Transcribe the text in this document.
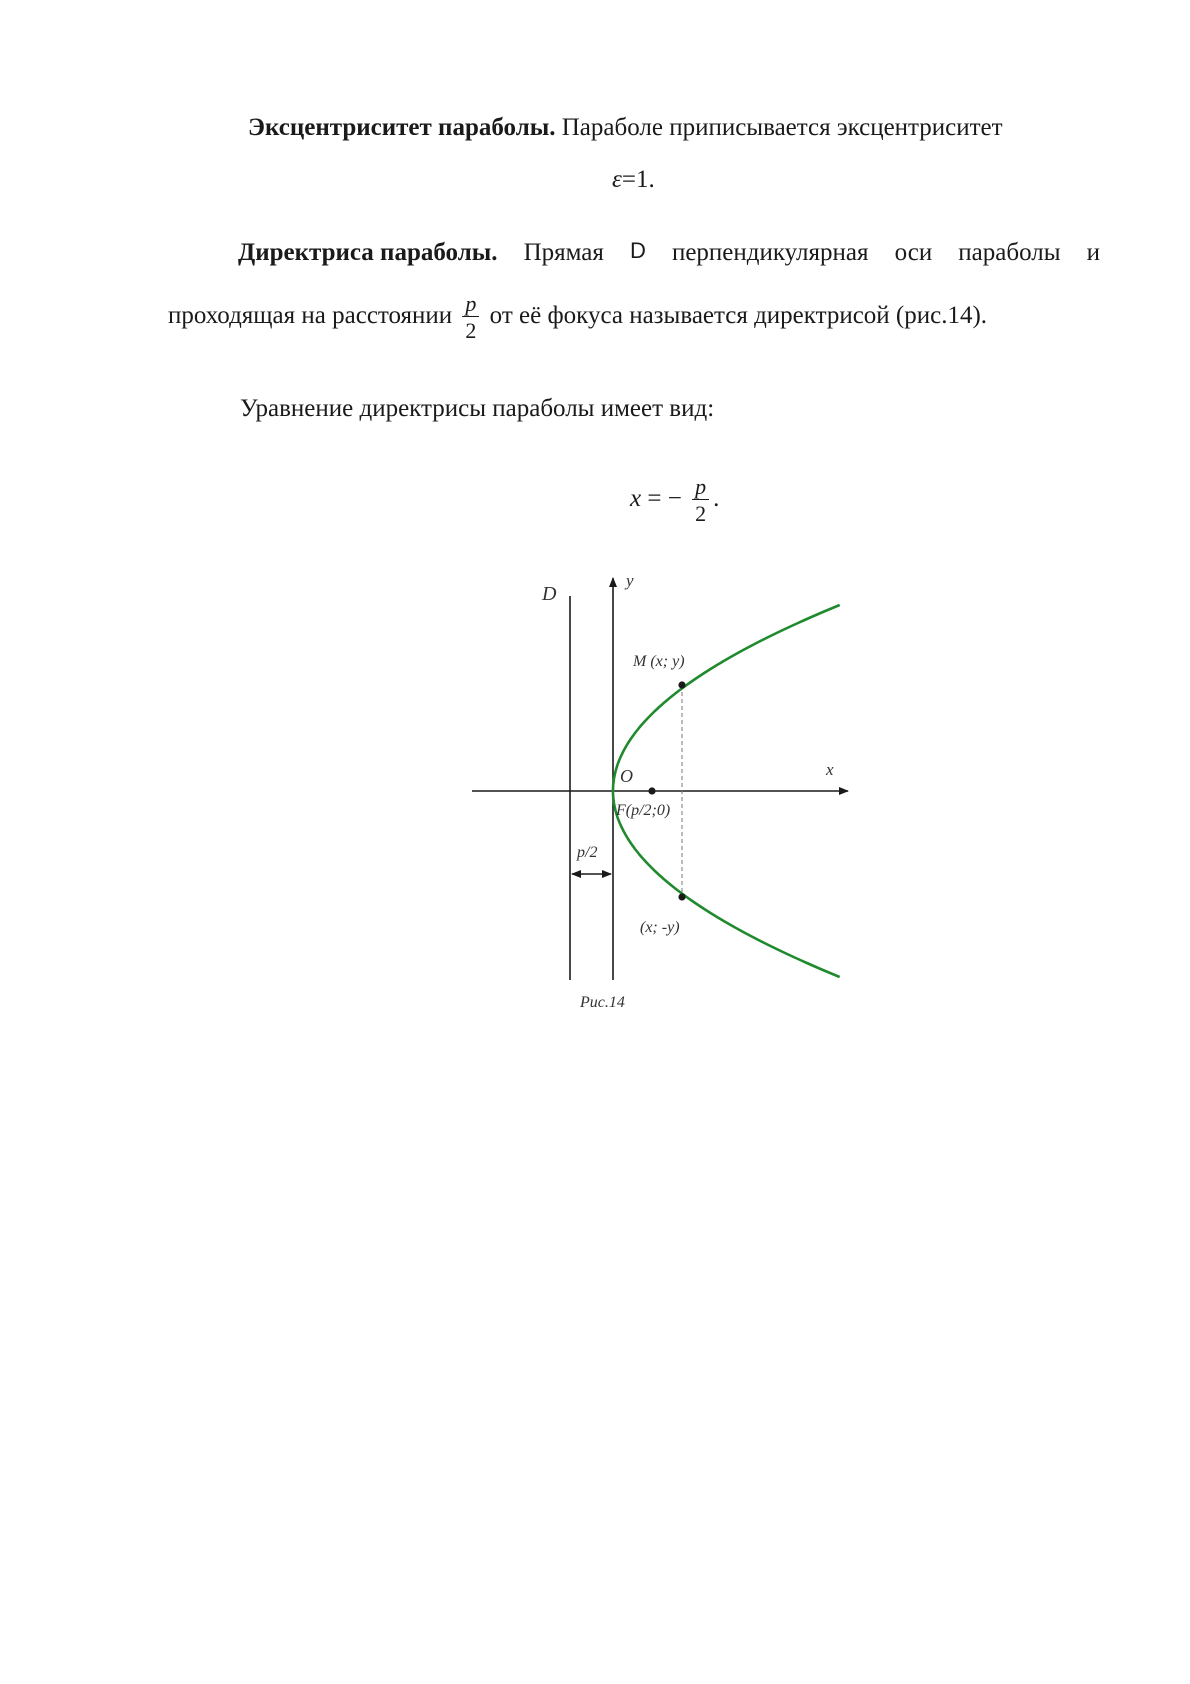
Эксцентриситет параболы. Параболе приписывается эксцентриситет
ε=1.
Директриса параболы. Прямая D перпендикулярная оси параболы и
проходящая на расстоянии $\frac{p}{2}$ от её фокуса называется директрисой (рис.14).
Уравнение директрисы параболы имеет вид:
x = − $\frac{p}{2}$ .
D
y
x
O
M (x; y)
F(p/2;0)
(x; -y)
p/2
Рис.14
